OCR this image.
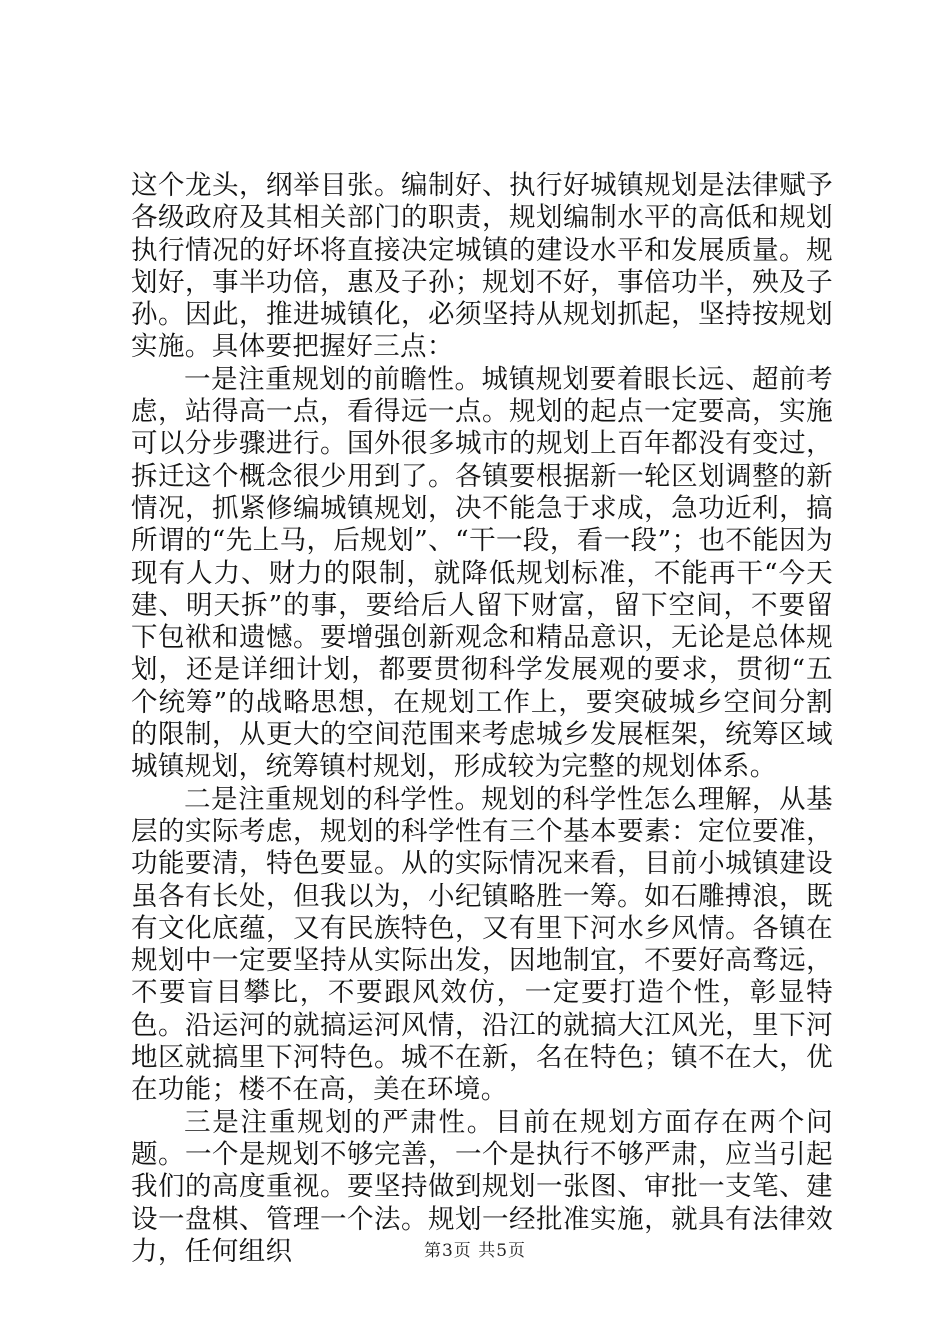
这个龙头，纲举目张。编制好、执行好城镇规划是法律赋予各级政府及其相关部门的职责，规划编制水平的高低和规划执行情况的好坏将直接决定城镇的建设水平和发展质量。规划好，事半功倍，惠及子孙；规划不好，事倍功半，殃及子孙。因此，推进城镇化，必须坚持从规划抓起，坚持按规划实施。具体要把握好三点：

一是注重规划的前瞻性。城镇规划要着眼长远、超前考虑，站得高一点，看得远一点。规划的起点一定要高，实施可以分步骤进行。国外很多城市的规划上百年都没有变过，拆迁这个概念很少用到了。各镇要根据新一轮区划调整的新情况，抓紧修编城镇规划，决不能急于求成，急功近利，搞所谓的“先上马，后规划”、“干一段，看一段”；也不能因为现有人力、财力的限制，就降低规划标准，不能再干“今天建、明天拆”的事，要给后人留下财富，留下空间，不要留下包袱和遗憾。要增强创新观念和精品意识，无论是总体规划，还是详细计划，都要贯彻科学发展观的要求，贯彻“五个统筹”的战略思想，在规划工作上，要突破城乡空间分割的限制，从更大的空间范围来考虑城乡发展框架，统筹区域城镇规划，统筹镇村规划，形成较为完整的规划体系。

二是注重规划的科学性。规划的科学性怎么理解，从基层的实际考虑，规划的科学性有三个基本要素：定位要准，功能要清，特色要显。从的实际情况来看，目前小城镇建设虽各有长处，但我以为，小纪镇略胜一筹。如石雕搏浪，既有文化底蕴，又有民族特色，又有里下河水乡风情。各镇在规划中一定要坚持从实际出发，因地制宜，不要好高骛远，不要盲目攀比，不要跟风效仿，一定要打造个性，彰显特色。沿运河的就搞运河风情，沿江的就搞大江风光，里下河地区就搞里下河特色。城不在新，名在特色；镇不在大，优在功能；楼不在高，美在环境。

三是注重规划的严肃性。目前在规划方面存在两个问题。一个是规划不够完善，一个是执行不够严肃，应当引起我们的高度重视。要坚持做到规划一张图、审批一支笔、建设一盘棋、管理一个法。规划一经批准实施，就具有法律效力，任何组织	第3页 共5页
